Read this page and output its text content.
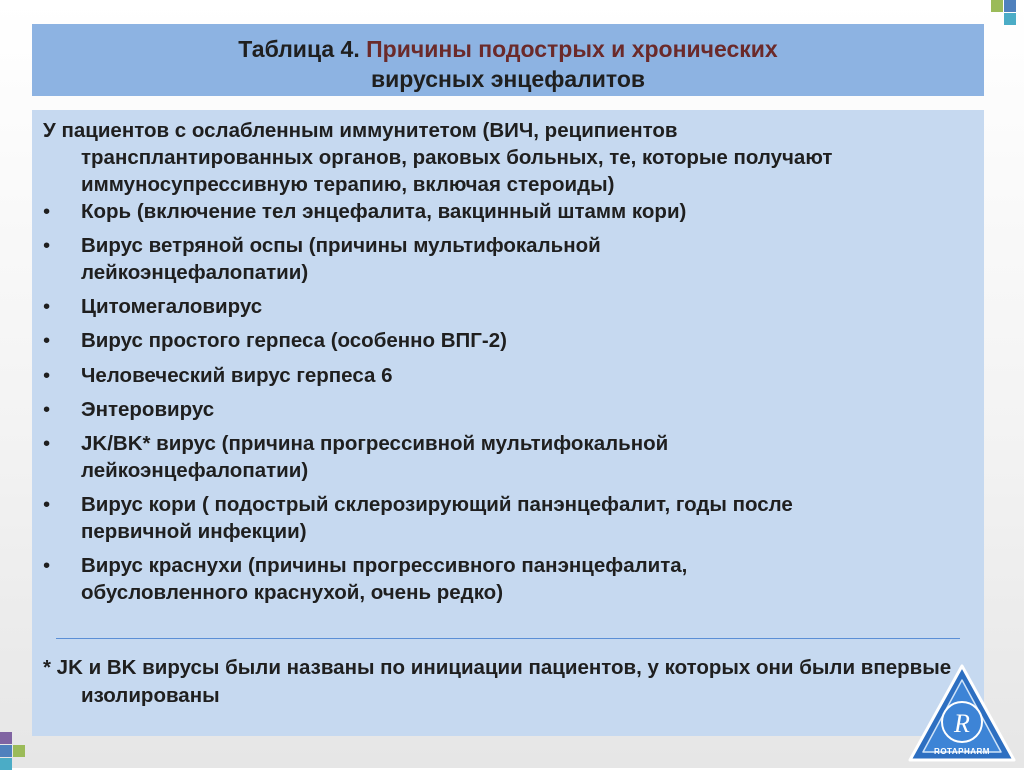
Таблица 4. Причины подострых и хронических
вирусных энцефалитов
У пациентов с ослабленным иммунитетом (ВИЧ, реципиентов трансплантированных органов, раковых больных, те, которые получают иммуносупрессивную терапию, включая стероиды)
• Корь (включение тел энцефалита, вакцинный штамм кори)
• Вирус ветряной оспы (причины мультифокальной
лейкоэнцефалопатии)
• Цитомегаловирус
• Вирус простого герпеса (особенно ВПГ-2)
• Человеческий вирус герпеса 6
• Энтеровирус
• JK/BK* вирус (причина прогрессивной мультифокальной
лейкоэнцефалопатии)
• Вирус кори ( подострый склерозирующий панэнцефалит, годы после
первичной инфекции)
• Вирус краснухи (причины прогрессивного панэнцефалита,
обусловленного краснухой, очень редко)
* JK и BK вирусы были названы по инициации пациентов, у которых они были впервые изолированы
R
ROTAPHARM
